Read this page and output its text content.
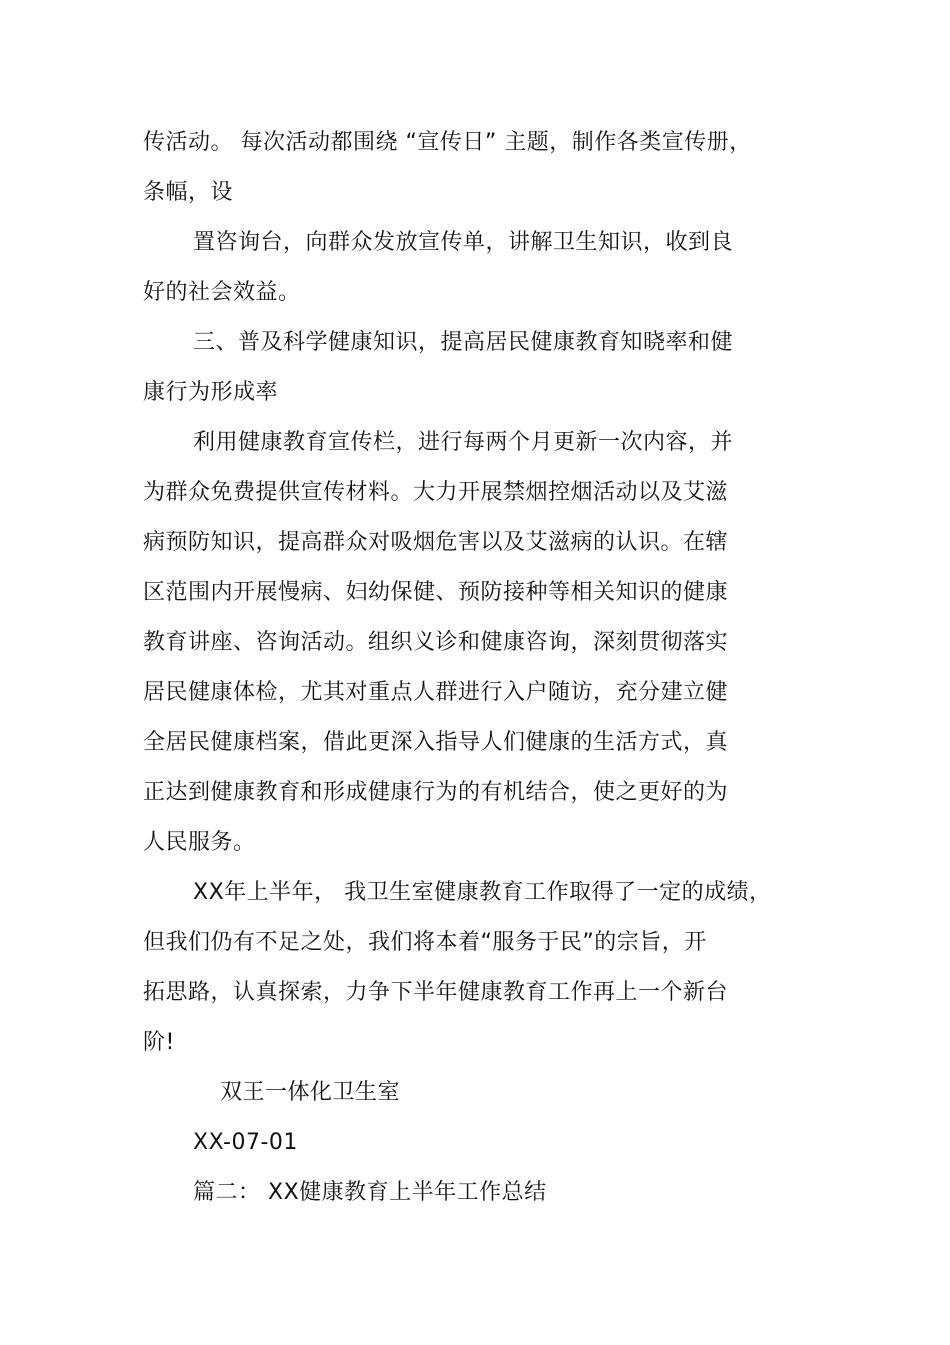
传活动。 每次活动都围绕 “宣传日” 主题，制作各类宣传册，
条幅，设
置咨询台，向群众发放宣传单，讲解卫生知识，收到良
好的社会效益。
三、普及科学健康知识，提高居民健康教育知晓率和健
康行为形成率
利用健康教育宣传栏，进行每两个月更新一次内容，并
为群众免费提供宣传材料。大力开展禁烟控烟活动以及艾滋
病预防知识，提高群众对吸烟危害以及艾滋病的认识。在辖
区范围内开展慢病、妇幼保健、预防接种等相关知识的健康
教育讲座、咨询活动。组织义诊和健康咨询，深刻贯彻落实
居民健康体检，尤其对重点人群进行入户随访，充分建立健
全居民健康档案，借此更深入指导人们健康的生活方式，真
正达到健康教育和形成健康行为的有机结合，使之更好的为
人民服务。
XX年上半年， 我卫生室健康教育工作取得了一定的成绩，
但我们仍有不足之处，我们将本着“服务于民”的宗旨，开
拓思路，认真探索，力争下半年健康教育工作再上一个新台
阶!
双王一体化卫生室
XX-07-01
篇二： XX健康教育上半年工作总结
